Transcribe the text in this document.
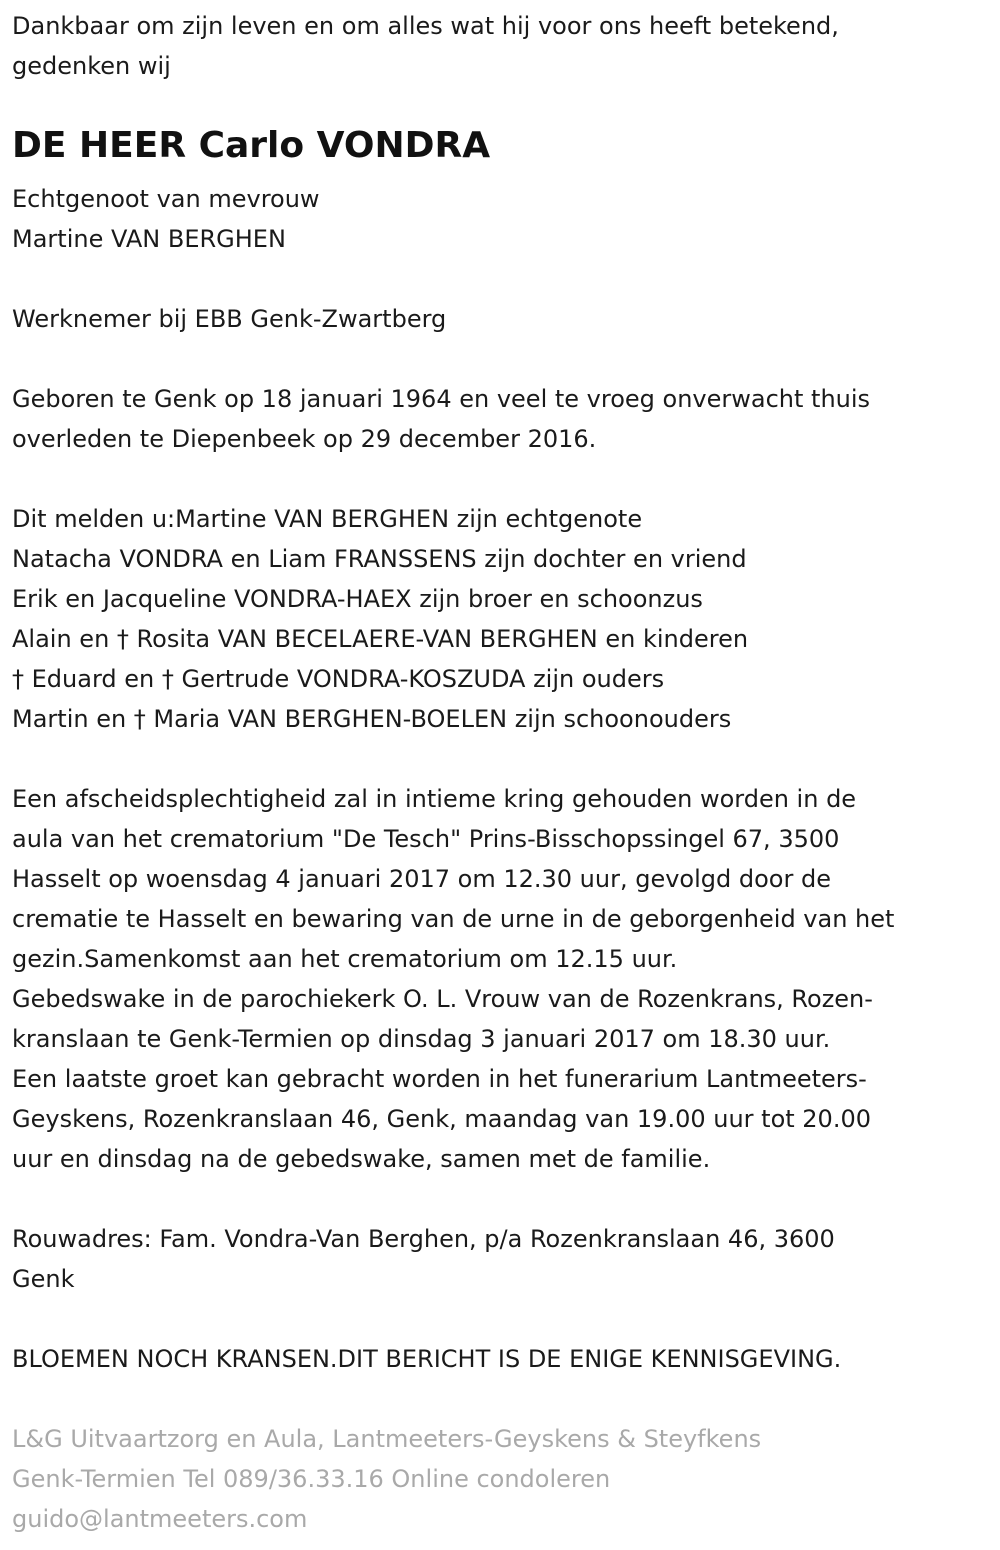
Dankbaar om zijn leven en om alles wat hij voor ons heeft betekend,
gedenken wij
DE HEER Carlo VONDRA
Echtgenoot van mevrouw
Martine VAN BERGHEN
Werknemer bij EBB Genk-Zwartberg
Geboren te Genk op 18 januari 1964 en veel te vroeg onverwacht thuis
overleden te Diepenbeek op 29 december 2016.
Dit melden u:Martine VAN BERGHEN zijn echtgenote
Natacha VONDRA en Liam FRANSSENS zijn dochter en vriend
Erik en Jacqueline VONDRA-HAEX zijn broer en schoonzus
Alain en † Rosita VAN BECELAERE-VAN BERGHEN en kinderen
† Eduard en † Gertrude VONDRA-KOSZUDA zijn ouders
Martin en † Maria VAN BERGHEN-BOELEN zijn schoonouders
Een afscheidsplechtigheid zal in intieme kring gehouden worden in de
aula van het crematorium "De Tesch" Prins-Bisschopssingel 67, 3500
Hasselt op woensdag 4 januari 2017 om 12.30 uur, gevolgd door de
crematie te Hasselt en bewaring van de urne in de geborgenheid van het
gezin.Samenkomst aan het crematorium om 12.15 uur.
Gebedswake in de parochiekerk O. L. Vrouw van de Rozenkrans, Rozen-
kranslaan te Genk-Termien op dinsdag 3 januari 2017 om 18.30 uur.
Een laatste groet kan gebracht worden in het funerarium Lantmeeters-
Geyskens, Rozenkranslaan 46, Genk, maandag van 19.00 uur tot 20.00
uur en dinsdag na de gebedswake, samen met de familie.
Rouwadres: Fam. Vondra-Van Berghen, p/a Rozenkranslaan 46, 3600
Genk
BLOEMEN NOCH KRANSEN.DIT BERICHT IS DE ENIGE KENNISGEVING.
L&G Uitvaartzorg en Aula, Lantmeeters-Geyskens & Steyfkens
Genk-Termien Tel 089/36.33.16 Online condoleren
guido@lantmeeters.com
